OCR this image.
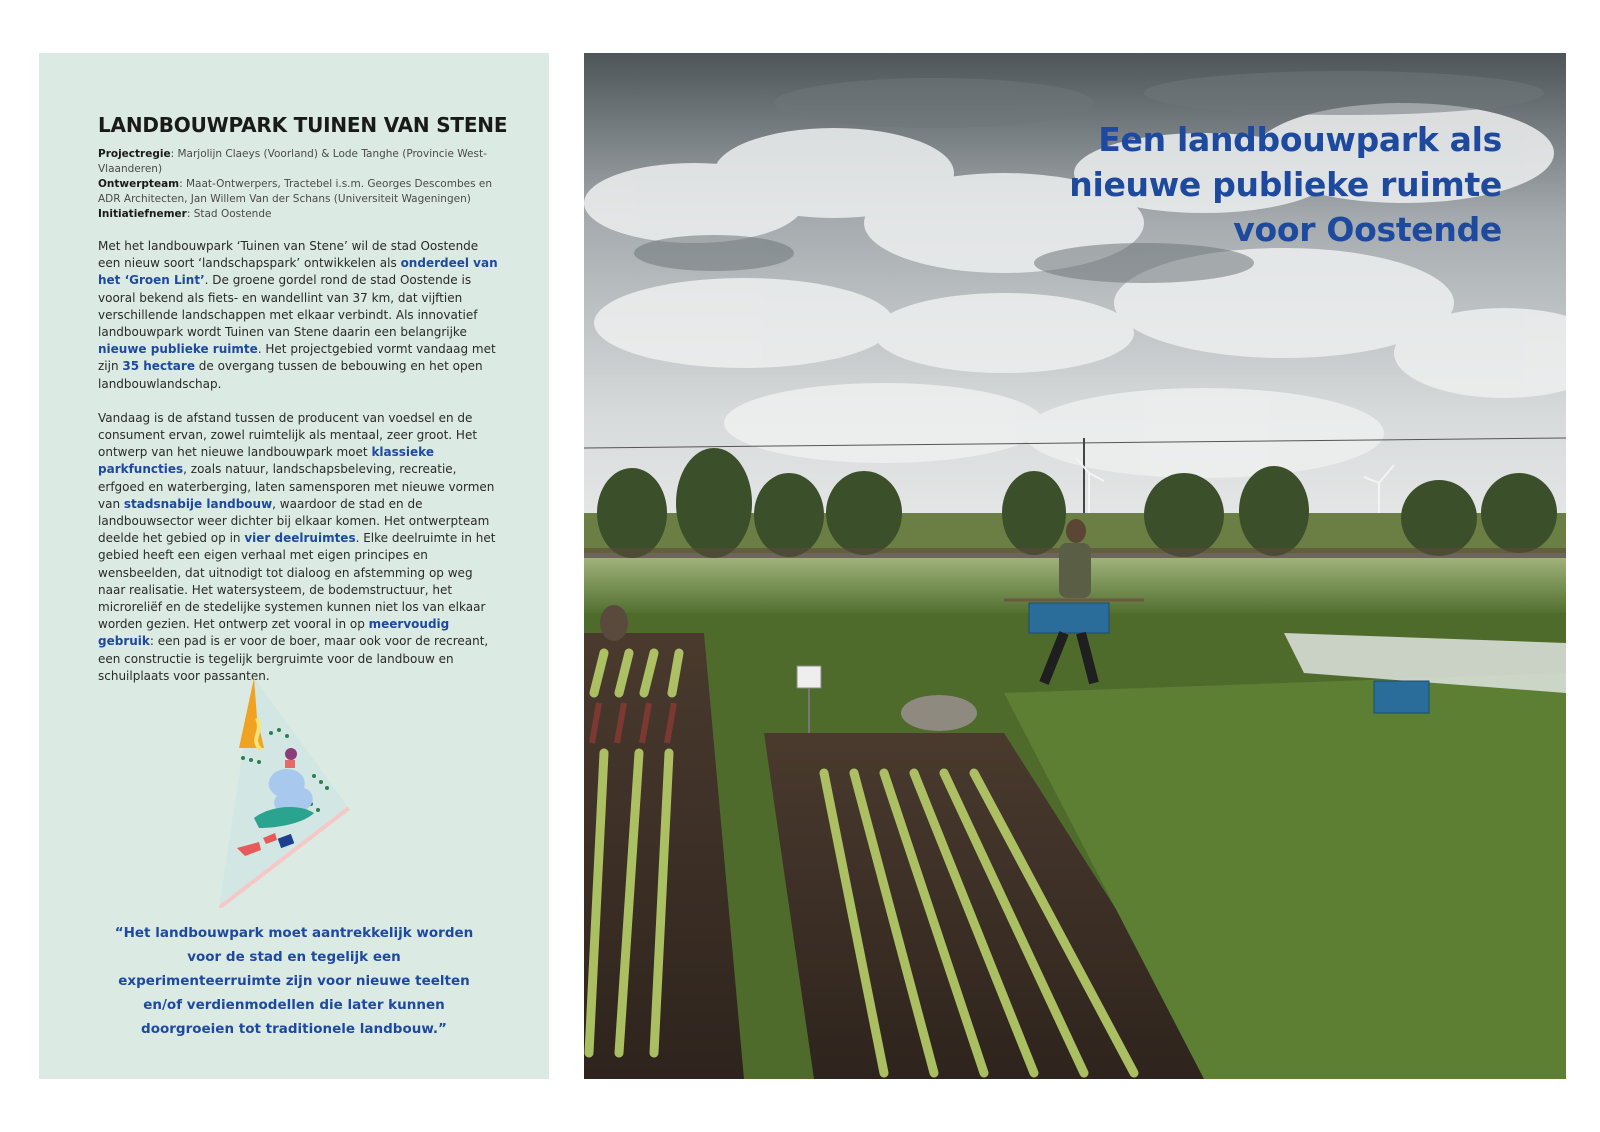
LANDBOUWPARK TUINEN VAN STENE
Projectregie: Marjolijn Claeys (Voorland) & Lode Tanghe (Provincie West-Vlaanderen)
Ontwerpteam: Maat-Ontwerpers, Tractebel i.s.m. Georges Descombes en ADR Architecten, Jan Willem Van der Schans (Universiteit Wageningen)
Initiatiefnemer: Stad Oostende

Met het landbouwpark ‘Tuinen van Stene’ wil de stad Oostende een nieuw soort ‘landschapspark’ ontwikkelen als onderdeel van het ‘Groen Lint’. De groene gordel rond de stad Oostende is vooral bekend als fiets- en wandellint van 37 km, dat vijftien verschillende landschappen met elkaar verbindt. Als innovatief landbouwpark wordt Tuinen van Stene daarin een belangrijke nieuwe publieke ruimte. Het projectgebied vormt vandaag met zijn 35 hectare de overgang tussen de bebouwing en het open landbouwlandschap.

Vandaag is de afstand tussen de producent van voedsel en de consument ervan, zowel ruimtelijk als mentaal, zeer groot. Het ontwerp van het nieuwe landbouwpark moet klassieke parkfuncties, zoals natuur, landschapsbeleving, recreatie, erfgoed en waterberging, laten samensporen met nieuwe vormen van stadsnabije landbouw, waardoor de stad en de landbouwsector weer dichter bij elkaar komen. Het ontwerpteam deelde het gebied op in vier deelruimtes. Elke deelruimte in het gebied heeft een eigen verhaal met eigen principes en wensbeelden, dat uitnodigt tot dialoog en afstemming op weg naar realisatie. Het watersysteem, de bodemstructuur, het microreliëf en de stedelijke systemen kunnen niet los van elkaar worden gezien. Het ontwerp zet vooral in op meervoudig gebruik: een pad is er voor de boer, maar ook voor de recreant, een constructie is tegelijk bergruimte voor de landbouw en schuilplaats voor passanten.

“Het landbouwpark moet aantrekkelijk worden voor de stad en tegelijk een experimenteerruimte zijn voor nieuwe teelten en/of verdienmodellen die later kunnen doorgroeien tot traditionele landbouw.”
Een landbouwpark als
nieuwe publieke ruimte
voor Oostende
